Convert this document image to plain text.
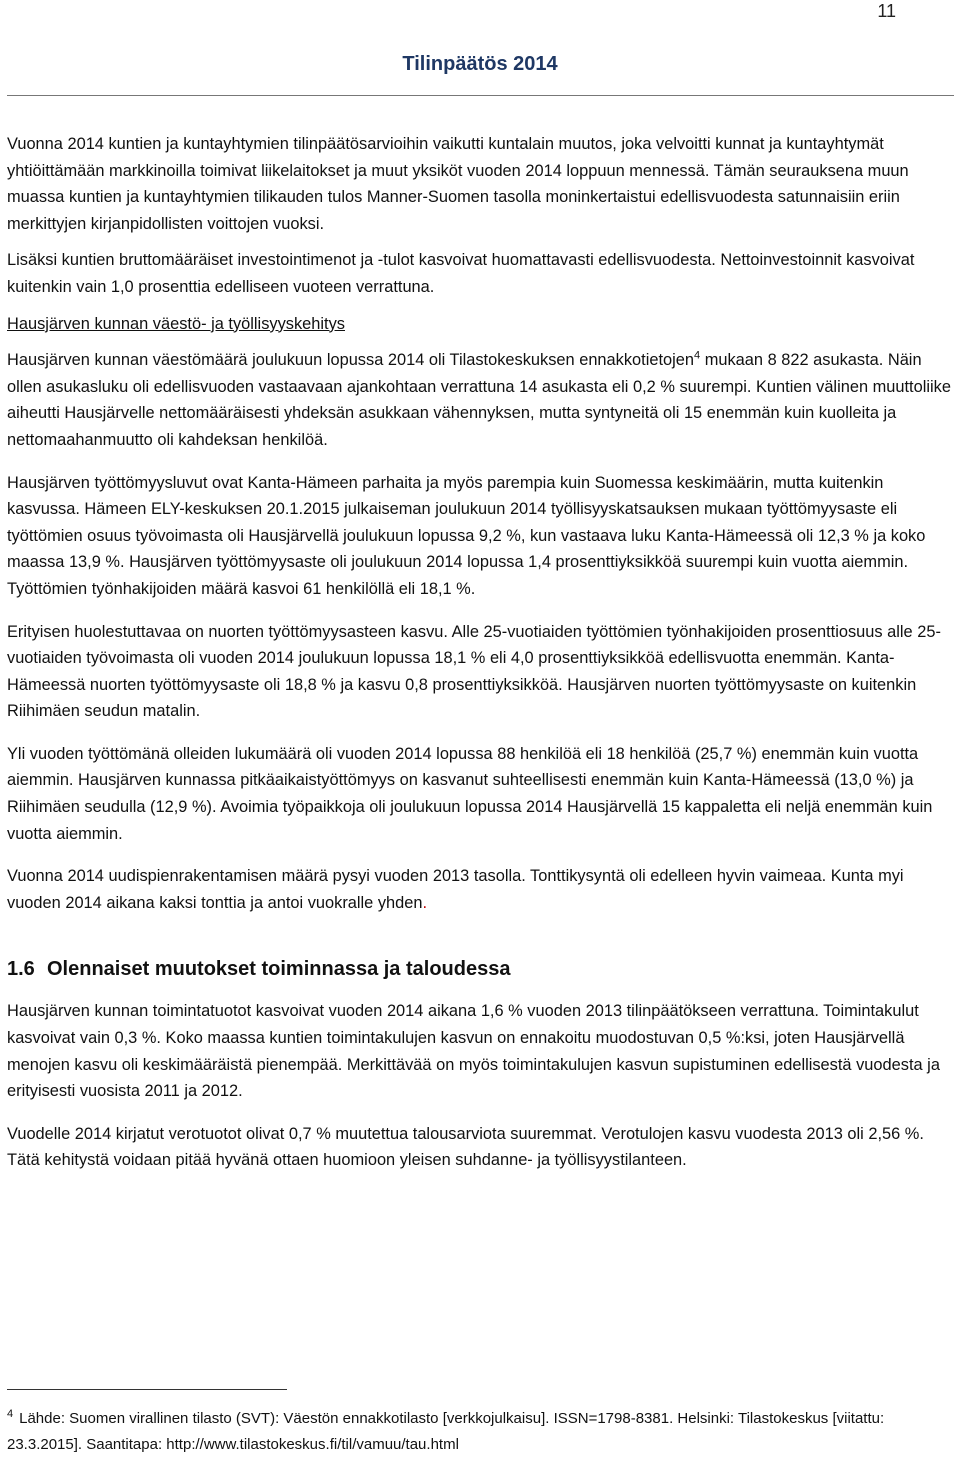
11
Tilinpäätös 2014

Vuonna 2014 kuntien ja kuntayhtymien tilinpäätösarvioihin vaikutti kuntalain muutos, joka velvoitti kunnat ja kuntayhtymät yhtiöittämään markkinoilla toimivat liikelaitokset ja muut yksiköt vuoden 2014 loppuun mennessä. Tämän seurauksena muun muassa kuntien ja kuntayhtymien tilikauden tulos Manner-Suomen tasolla moninkertaistui edellisvuodesta satunnaisiin eriin merkittyjen kirjanpidollisten voittojen vuoksi.

Lisäksi kuntien bruttomääräiset investointimenot ja -tulot kasvoivat huomattavasti edellisvuodesta. Nettoinvestoinnit kasvoivat kuitenkin vain 1,0 prosenttia edelliseen vuoteen verrattuna.

Hausjärven kunnan väestö- ja työllisyyskehitys

Hausjärven kunnan väestömäärä joulukuun lopussa 2014 oli Tilastokeskuksen ennakkotietojen$^4$ mukaan 8 822 asukasta. Näin ollen asukasluku oli edellisvuoden vastaavaan ajankohtaan verrattuna 14 asukasta eli 0,2 % suurempi. Kuntien välinen muuttoliike aiheutti Hausjärvelle nettomääräisesti yhdeksän asukkaan vähennyksen, mutta syntyneitä oli 15 enemmän kuin kuolleita ja nettomaahanmuutto oli kahdeksan henkilöä.

Hausjärven työttömyysluvut ovat Kanta-Hämeen parhaita ja myös parempia kuin Suomessa keskimäärin, mutta kuitenkin kasvussa. Hämeen ELY-keskuksen 20.1.2015 julkaiseman joulukuun 2014 työllisyyskatsauksen mukaan työttömyysaste eli työttömien osuus työvoimasta oli Hausjärvellä joulukuun lopussa 9,2 %, kun vastaava luku Kanta-Hämeessä oli 12,3 % ja koko maassa 13,9 %. Hausjärven työttömyysaste oli joulukuun 2014 lopussa 1,4 prosenttiyksikköä suurempi kuin vuotta aiemmin. Työttömien työnhakijoiden määrä kasvoi 61 henkilöllä eli 18,1 %.

Erityisen huolestuttavaa on nuorten työttömyysasteen kasvu. Alle 25-vuotiaiden työttömien työnhakijoiden prosenttiosuus alle 25-vuotiaiden työvoimasta oli vuoden 2014 joulukuun lopussa 18,1 % eli 4,0 prosenttiyksikköä edellisvuotta enemmän. Kanta-Hämeessä nuorten työttömyysaste oli 18,8 % ja kasvu 0,8 prosenttiyksikköä. Hausjärven nuorten työttömyysaste on kuitenkin Riihimäen seudun matalin.

Yli vuoden työttömänä olleiden lukumäärä oli vuoden 2014 lopussa 88 henkilöä eli 18 henkilöä (25,7 %) enemmän kuin vuotta aiemmin. Hausjärven kunnassa pitkäaikaistyöttömyys on kasvanut suhteellisesti enemmän kuin Kanta-Hämeessä (13,0 %) ja Riihimäen seudulla (12,9 %). Avoimia työpaikkoja oli joulukuun lopussa 2014 Hausjärvellä 15 kappaletta eli neljä enemmän kuin vuotta aiemmin.

Vuonna 2014 uudispienrakentamisen määrä pysyi vuoden 2013 tasolla. Tonttikysyntä oli edelleen hyvin vaimeaa. Kunta myi vuoden 2014 aikana kaksi tonttia ja antoi vuokralle yhden.

1.6 Olennaiset muutokset toiminnassa ja taloudessa

Hausjärven kunnan toimintatuotot kasvoivat vuoden 2014 aikana 1,6 % vuoden 2013 tilinpäätökseen verrattuna. Toimintakulut kasvoivat vain 0,3 %. Koko maassa kuntien toimintakulujen kasvun on ennakoitu muodostuvan 0,5 %:ksi, joten Hausjärvellä menojen kasvu oli keskimääräistä pienempää. Merkittävää on myös toimintakulujen kasvun supistuminen edellisestä vuodesta ja erityisesti vuosista 2011 ja 2012.

Vuodelle 2014 kirjatut verotuotot olivat 0,7 % muutettua talousarviota suuremmat. Verotulojen kasvu vuodesta 2013 oli 2,56 %. Tätä kehitystä voidaan pitää hyvänä ottaen huomioon yleisen suhdanne- ja työllisyystilanteen.

$^4$ Lähde: Suomen virallinen tilasto (SVT): Väestön ennakkotilasto [verkkojulkaisu]. ISSN=1798-8381. Helsinki: Tilastokeskus [viitattu: 23.3.2015]. Saantitapa: http://www.tilastokeskus.fi/til/vamuu/tau.html
